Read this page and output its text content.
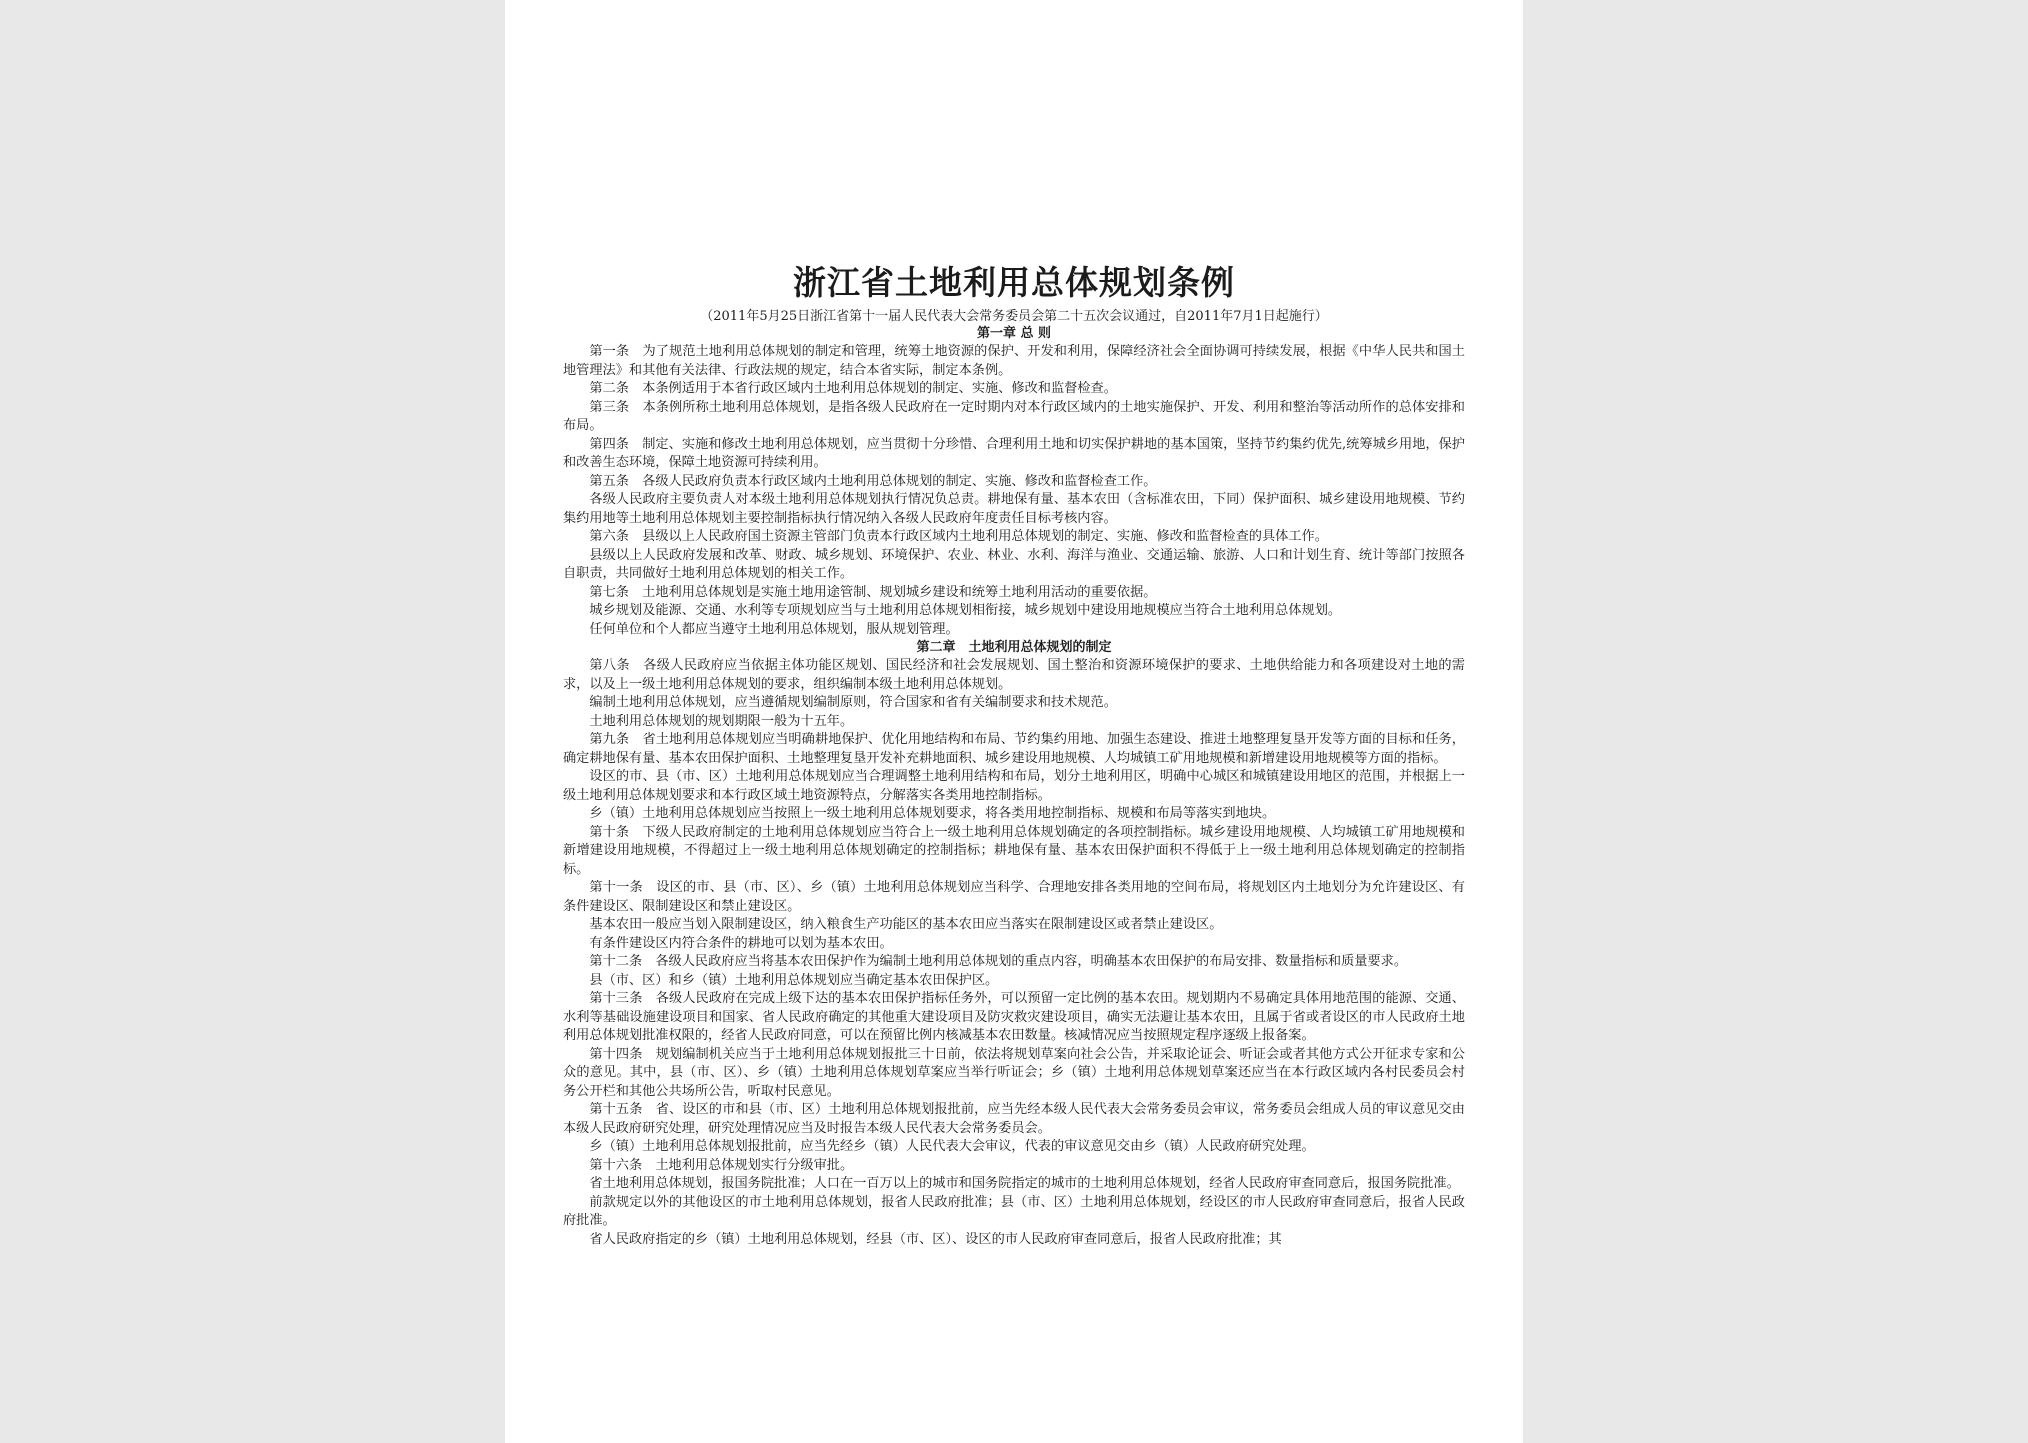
浙江省土地利用总体规划条例

（2011年5月25日浙江省第十一届人民代表大会常务委员会第二十五次会议通过，自2011年7月1日起施行）

第一章 总 则

第一条　为了规范土地利用总体规划的制定和管理，统筹土地资源的保护、开发和利用，保障经济社会全面协调可持续发展，根据《中华人民共和国土地管理法》和其他有关法律、行政法规的规定，结合本省实际，制定本条例。

第二条　本条例适用于本省行政区域内土地利用总体规划的制定、实施、修改和监督检查。

第三条　本条例所称土地利用总体规划，是指各级人民政府在一定时期内对本行政区域内的土地实施保护、开发、利用和整治等活动所作的总体安排和布局。

第四条　制定、实施和修改土地利用总体规划，应当贯彻十分珍惜、合理利用土地和切实保护耕地的基本国策，坚持节约集约优先,统筹城乡用地，保护和改善生态环境，保障土地资源可持续利用。

第五条　各级人民政府负责本行政区域内土地利用总体规划的制定、实施、修改和监督检查工作。

各级人民政府主要负责人对本级土地利用总体规划执行情况负总责。耕地保有量、基本农田（含标准农田，下同）保护面积、城乡建设用地规模、节约集约用地等土地利用总体规划主要控制指标执行情况纳入各级人民政府年度责任目标考核内容。

第六条　县级以上人民政府国土资源主管部门负责本行政区域内土地利用总体规划的制定、实施、修改和监督检查的具体工作。

县级以上人民政府发展和改革、财政、城乡规划、环境保护、农业、林业、水利、海洋与渔业、交通运输、旅游、人口和计划生育、统计等部门按照各自职责，共同做好土地利用总体规划的相关工作。

第七条　土地利用总体规划是实施土地用途管制、规划城乡建设和统筹土地利用活动的重要依据。

城乡规划及能源、交通、水利等专项规划应当与土地利用总体规划相衔接，城乡规划中建设用地规模应当符合土地利用总体规划。

任何单位和个人都应当遵守土地利用总体规划，服从规划管理。

第二章　土地利用总体规划的制定

第八条　各级人民政府应当依据主体功能区规划、国民经济和社会发展规划、国土整治和资源环境保护的要求、土地供给能力和各项建设对土地的需求，以及上一级土地利用总体规划的要求，组织编制本级土地利用总体规划。

编制土地利用总体规划，应当遵循规划编制原则，符合国家和省有关编制要求和技术规范。

土地利用总体规划的规划期限一般为十五年。

第九条　省土地利用总体规划应当明确耕地保护、优化用地结构和布局、节约集约用地、加强生态建设、推进土地整理复垦开发等方面的目标和任务，确定耕地保有量、基本农田保护面积、土地整理复垦开发补充耕地面积、城乡建设用地规模、人均城镇工矿用地规模和新增建设用地规模等方面的指标。

设区的市、县（市、区）土地利用总体规划应当合理调整土地利用结构和布局，划分土地利用区，明确中心城区和城镇建设用地区的范围，并根据上一级土地利用总体规划要求和本行政区域土地资源特点，分解落实各类用地控制指标。

乡（镇）土地利用总体规划应当按照上一级土地利用总体规划要求，将各类用地控制指标、规模和布局等落实到地块。

第十条　下级人民政府制定的土地利用总体规划应当符合上一级土地利用总体规划确定的各项控制指标。城乡建设用地规模、人均城镇工矿用地规模和新增建设用地规模，不得超过上一级土地利用总体规划确定的控制指标；耕地保有量、基本农田保护面积不得低于上一级土地利用总体规划确定的控制指标。

第十一条　设区的市、县（市、区）、乡（镇）土地利用总体规划应当科学、合理地安排各类用地的空间布局，将规划区内土地划分为允许建设区、有条件建设区、限制建设区和禁止建设区。

基本农田一般应当划入限制建设区，纳入粮食生产功能区的基本农田应当落实在限制建设区或者禁止建设区。

有条件建设区内符合条件的耕地可以划为基本农田。

第十二条　各级人民政府应当将基本农田保护作为编制土地利用总体规划的重点内容，明确基本农田保护的布局安排、数量指标和质量要求。

县（市、区）和乡（镇）土地利用总体规划应当确定基本农田保护区。

第十三条　各级人民政府在完成上级下达的基本农田保护指标任务外，可以预留一定比例的基本农田。规划期内不易确定具体用地范围的能源、交通、水利等基础设施建设项目和国家、省人民政府确定的其他重大建设项目及防灾救灾建设项目，确实无法避让基本农田，且属于省或者设区的市人民政府土地利用总体规划批准权限的，经省人民政府同意，可以在预留比例内核减基本农田数量。核减情况应当按照规定程序逐级上报备案。

第十四条　规划编制机关应当于土地利用总体规划报批三十日前，依法将规划草案向社会公告，并采取论证会、听证会或者其他方式公开征求专家和公众的意见。其中，县（市、区）、乡（镇）土地利用总体规划草案应当举行听证会；乡（镇）土地利用总体规划草案还应当在本行政区域内各村民委员会村务公开栏和其他公共场所公告，听取村民意见。

第十五条　省、设区的市和县（市、区）土地利用总体规划报批前，应当先经本级人民代表大会常务委员会审议，常务委员会组成人员的审议意见交由本级人民政府研究处理，研究处理情况应当及时报告本级人民代表大会常务委员会。

乡（镇）土地利用总体规划报批前，应当先经乡（镇）人民代表大会审议，代表的审议意见交由乡（镇）人民政府研究处理。

第十六条　土地利用总体规划实行分级审批。

省土地利用总体规划，报国务院批准；人口在一百万以上的城市和国务院指定的城市的土地利用总体规划，经省人民政府审查同意后，报国务院批准。

前款规定以外的其他设区的市土地利用总体规划，报省人民政府批准；县（市、区）土地利用总体规划，经设区的市人民政府审查同意后，报省人民政府批准。

省人民政府指定的乡（镇）土地利用总体规划，经县（市、区）、设区的市人民政府审查同意后，报省人民政府批准；其
